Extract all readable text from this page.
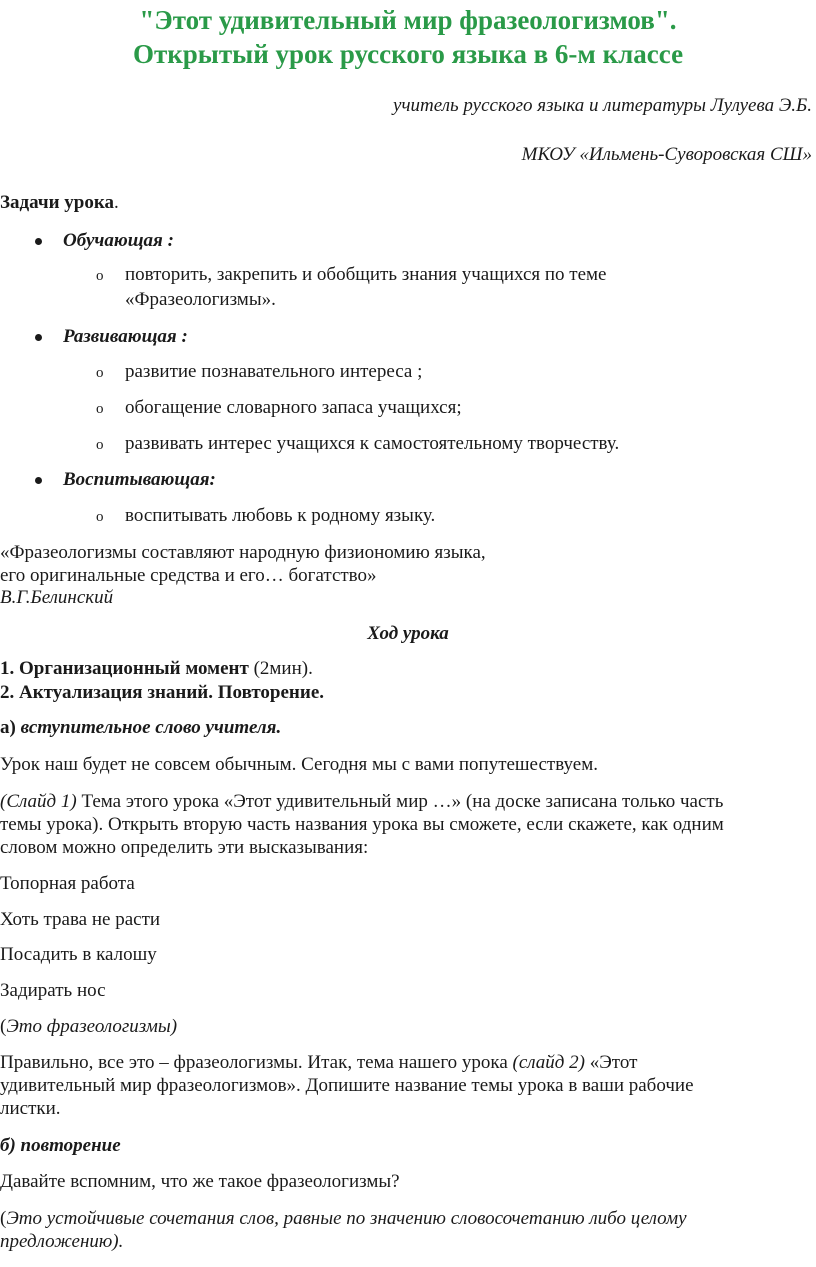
"Этот удивительный мир фразеологизмов".
Открытый урок русского языка в 6-м классе
учитель русского языка и литературы Лулуева Э.Б.
МКОУ «Ильмень-Суворовская СШ»
Задачи урока.
Обучающая :
o повторить, закрепить и обобщить знания учащихся по теме
«Фразеологизмы».
Развивающая :
o развитие познавательного интереса ;
o обогащение словарного запаса учащихся;
o развивать интерес учащихся к самостоятельному творчеству.
Воспитывающая:
o воспитывать любовь к родному языку.
«Фразеологизмы составляют народную физиономию языка,
его оригинальные средства и его… богатство»
В.Г.Белинский
Ход урока
1. Организационный момент (2мин).
2. Актуализация знаний. Повторение.
а) вступительное слово учителя.
Урок наш будет не совсем обычным. Сегодня мы с вами попутешествуем.
(Слайд 1) Тема этого урока «Этот удивительный мир …» (на доске записана только часть
темы урока). Открыть вторую часть названия урока вы сможете, если скажете, как одним
словом можно определить эти высказывания:
Топорная работа
Хоть трава не расти
Посадить в калошу
Задирать нос
(Это фразеологизмы)
Правильно, все это – фразеологизмы. Итак, тема нашего урока (слайд 2) «Этот
удивительный мир фразеологизмов». Допишите название темы урока в ваши рабочие
листки.
б) повторение
Давайте вспомним, что же такое фразеологизмы?
(Это устойчивые сочетания слов, равные по значению словосочетанию либо целому
предложению).
